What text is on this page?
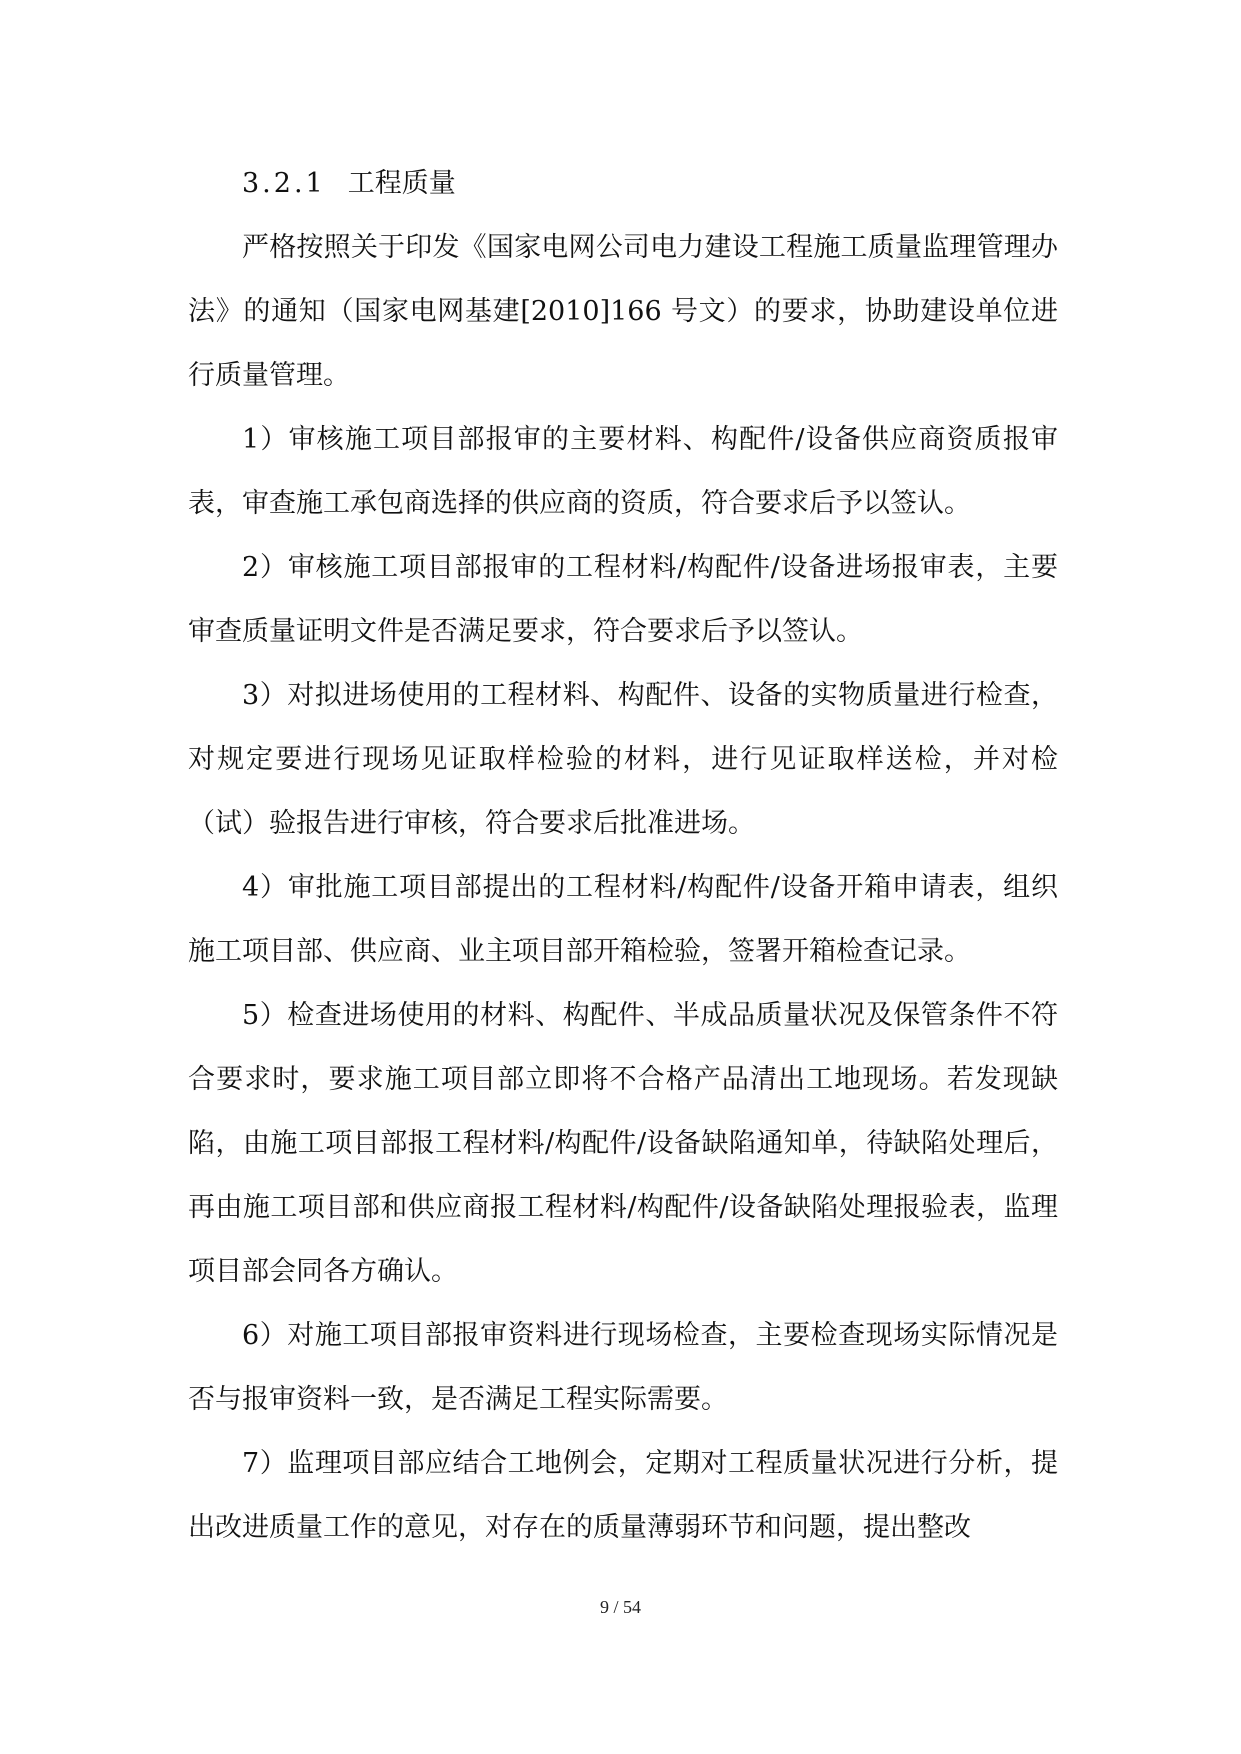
3.2.1 工程质量

严格按照关于印发《国家电网公司电力建设工程施工质量监理管理办法》的通知（国家电网基建[2010]166 号文）的要求，协助建设单位进行质量管理。

1）审核施工项目部报审的主要材料、构配件/设备供应商资质报审表，审查施工承包商选择的供应商的资质，符合要求后予以签认。

2）审核施工项目部报审的工程材料/构配件/设备进场报审表，主要审查质量证明文件是否满足要求，符合要求后予以签认。

3）对拟进场使用的工程材料、构配件、设备的实物质量进行检查，对规定要进行现场见证取样检验的材料，进行见证取样送检，并对检（试）验报告进行审核，符合要求后批准进场。

4）审批施工项目部提出的工程材料/构配件/设备开箱申请表，组织施工项目部、供应商、业主项目部开箱检验，签署开箱检查记录。

5）检查进场使用的材料、构配件、半成品质量状况及保管条件不符合要求时，要求施工项目部立即将不合格产品清出工地现场。若发现缺陷，由施工项目部报工程材料/构配件/设备缺陷通知单，待缺陷处理后，再由施工项目部和供应商报工程材料/构配件/设备缺陷处理报验表，监理项目部会同各方确认。

6）对施工项目部报审资料进行现场检查，主要检查现场实际情况是否与报审资料一致，是否满足工程实际需要。

7）监理项目部应结合工地例会，定期对工程质量状况进行分析，提出改进质量工作的意见，对存在的质量薄弱环节和问题，提出整改

9 / 54
